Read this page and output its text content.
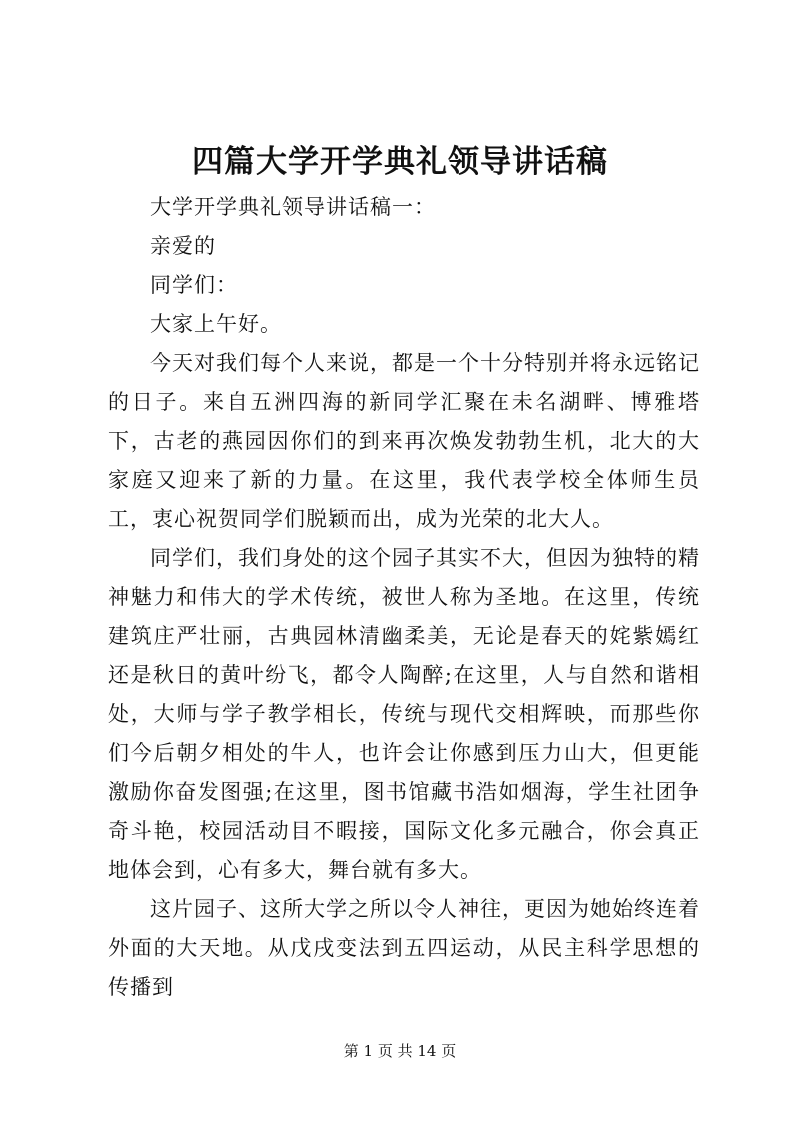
四篇大学开学典礼领导讲话稿

大学开学典礼领导讲话稿一：

亲爱的

同学们：

大家上午好。

今天对我们每个人来说，都是一个十分特别并将永远铭记的日子。来自五洲四海的新同学汇聚在未名湖畔、博雅塔下，古老的燕园因你们的到来再次焕发勃勃生机，北大的大家庭又迎来了新的力量。在这里，我代表学校全体师生员工，衷心祝贺同学们脱颖而出，成为光荣的北大人。

同学们，我们身处的这个园子其实不大，但因为独特的精神魅力和伟大的学术传统，被世人称为圣地。在这里，传统建筑庄严壮丽，古典园林清幽柔美，无论是春天的姹紫嫣红还是秋日的黄叶纷飞，都令人陶醉;在这里，人与自然和谐相处，大师与学子教学相长，传统与现代交相辉映，而那些你们今后朝夕相处的牛人，也许会让你感到压力山大，但更能激励你奋发图强;在这里，图书馆藏书浩如烟海，学生社团争奇斗艳，校园活动目不暇接，国际文化多元融合，你会真正地体会到，心有多大，舞台就有多大。

这片园子、这所大学之所以令人神往，更因为她始终连着外面的大天地。从戊戌变法到五四运动，从民主科学思想的传播到

第 1 页 共 14 页
